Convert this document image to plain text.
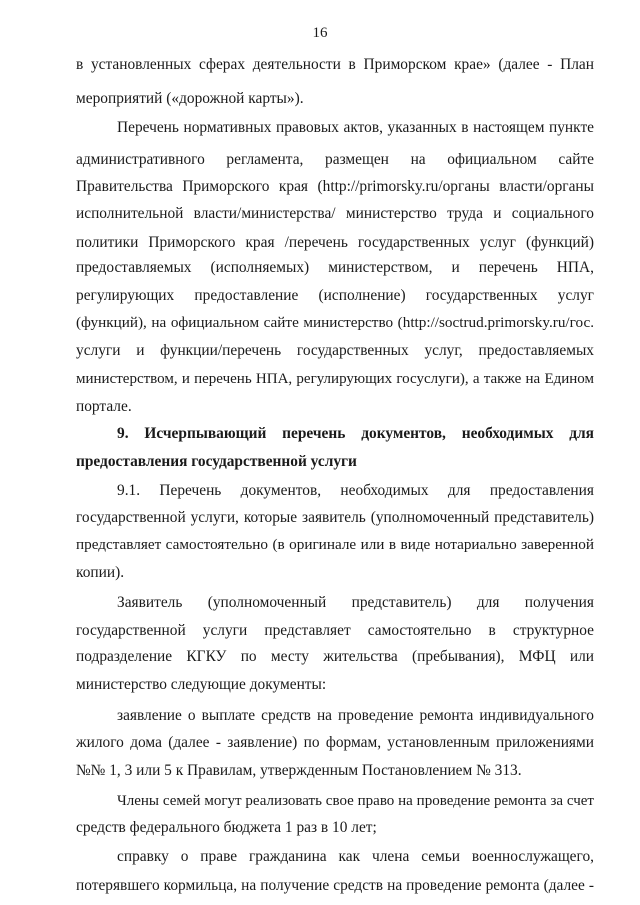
16
в установленных сферах деятельности в Приморском крае» (далее - План
мероприятий («дорожной карты»).
Перечень нормативных правовых актов, указанных в настоящем пункте
административного регламента, размещен на официальном сайте
Правительства Приморского края (http://primorsky.ru/органы власти/органы
исполнительной власти/министерства/ министерство труда и социального
политики Приморского края /перечень государственных услуг (функций)
предоставляемых (исполняемых) министерством, и перечень НПА,
регулирующих предоставление (исполнение) государственных услуг
(функций), на официальном сайте министерство (http://soctrud.primorsky.ru/гос.
услуги и функции/перечень государственных услуг, предоставляемых
министерством, и перечень НПА, регулирующих госуслуги), а также на Едином
портале.
9. Исчерпывающий перечень документов, необходимых для
предоставления государственной услуги
9.1. Перечень документов, необходимых для предоставления
государственной услуги, которые заявитель (уполномоченный представитель)
представляет самостоятельно (в оригинале или в виде нотариально заверенной
копии).
Заявитель (уполномоченный представитель) для получения
государственной услуги представляет самостоятельно в структурное
подразделение КГКУ по месту жительства (пребывания), МФЦ или
министерство следующие документы:
заявление о выплате средств на проведение ремонта индивидуального
жилого дома (далее - заявление) по формам, установленным приложениями
№№ 1, 3 или 5 к Правилам, утвержденным Постановлением № 313.
Члены семей могут реализовать свое право на проведение ремонта за счет
средств федерального бюджета 1 раз в 10 лет;
справку о праве гражданина как члена семьи военнослужащего,
потерявшего кормильца, на получение средств на проведение ремонта (далее -
